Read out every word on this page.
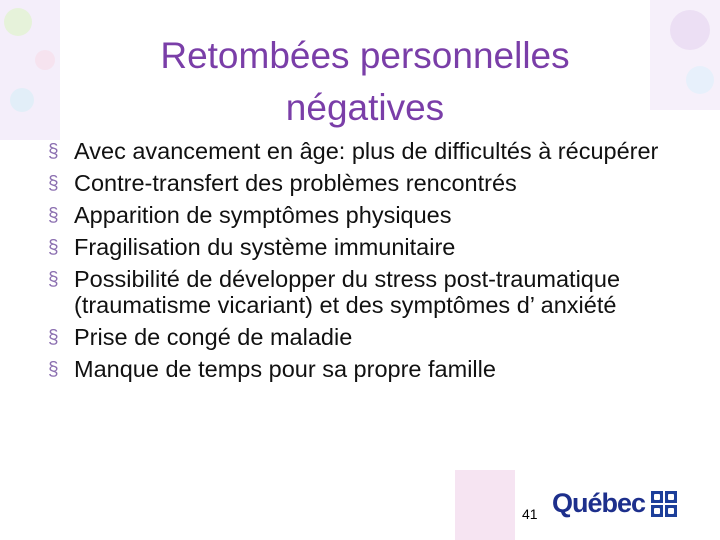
Retombées personnelles
négatives
§ Avec avancement en âge: plus de difficultés à récupérer
§ Contre-transfert des problèmes rencontrés
§ Apparition de symptômes physiques
§ Fragilisation du système immunitaire
§ Possibilité de développer du stress post-traumatique (traumatisme vicariant) et des symptômes d’ anxiété
§ Prise de congé de maladie
§ Manque de temps pour sa propre famille
41 Québec
